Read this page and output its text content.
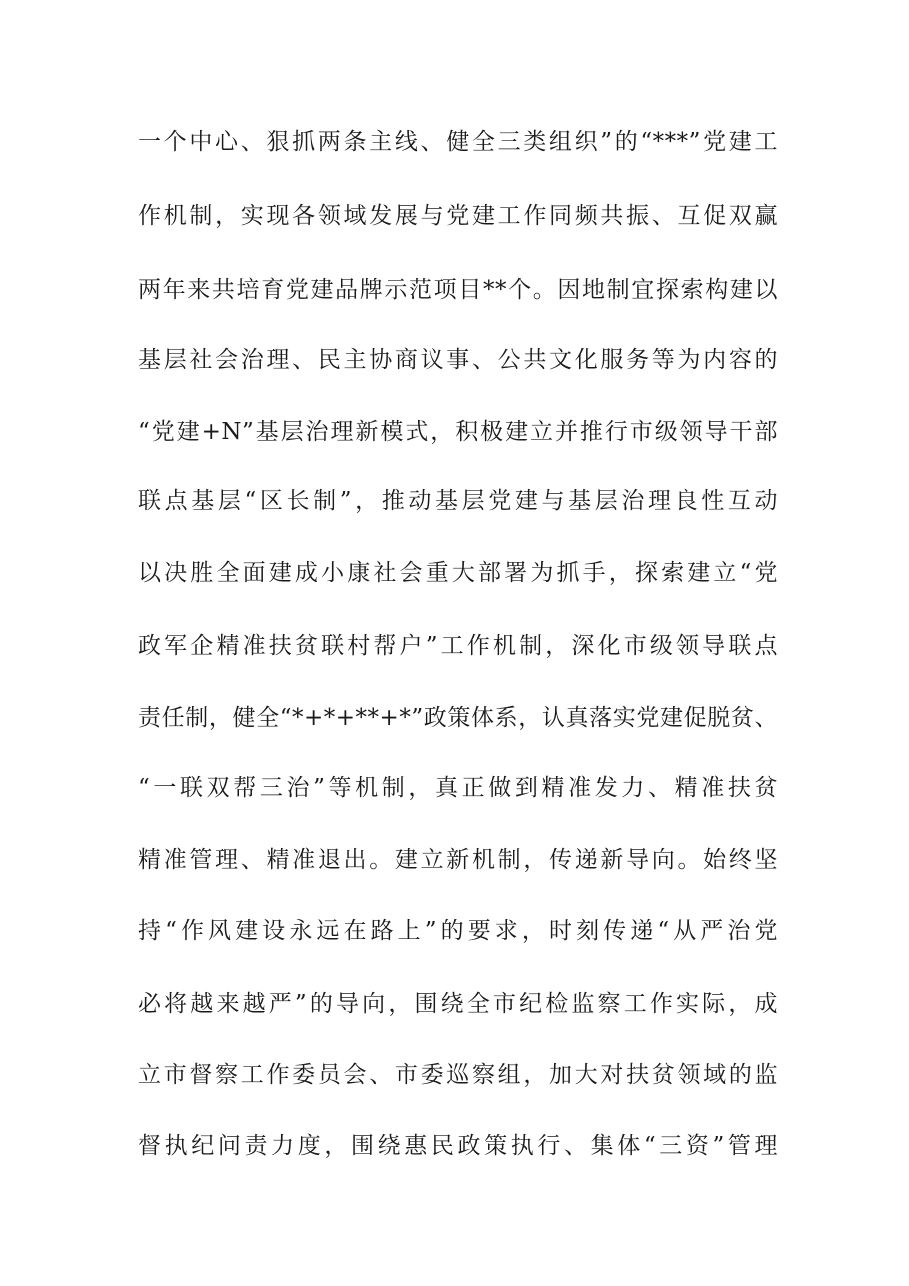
一个中心、狠抓两条主线、健全三类组织”的“***”党建工
作机制，实现各领域发展与党建工作同频共振、互促双赢
两年来共培育党建品牌示范项目**个。因地制宜探索构建以
基层社会治理、民主协商议事、公共文化服务等为内容的
“党建+N”基层治理新模式，积极建立并推行市级领导干部
联点基层“区长制”，推动基层党建与基层治理良性互动
以决胜全面建成小康社会重大部署为抓手，探索建立“党
政军企精准扶贫联村帮户”工作机制，深化市级领导联点
责任制，健全“*+*+**+*”政策体系，认真落实党建促脱贫、
“一联双帮三治”等机制，真正做到精准发力、精准扶贫
精准管理、精准退出。建立新机制，传递新导向。始终坚
持“作风建设永远在路上”的要求，时刻传递“从严治党
必将越来越严”的导向，围绕全市纪检监察工作实际，成
立市督察工作委员会、市委巡察组，加大对扶贫领域的监
督执纪问责力度，围绕惠民政策执行、集体“三资”管理
